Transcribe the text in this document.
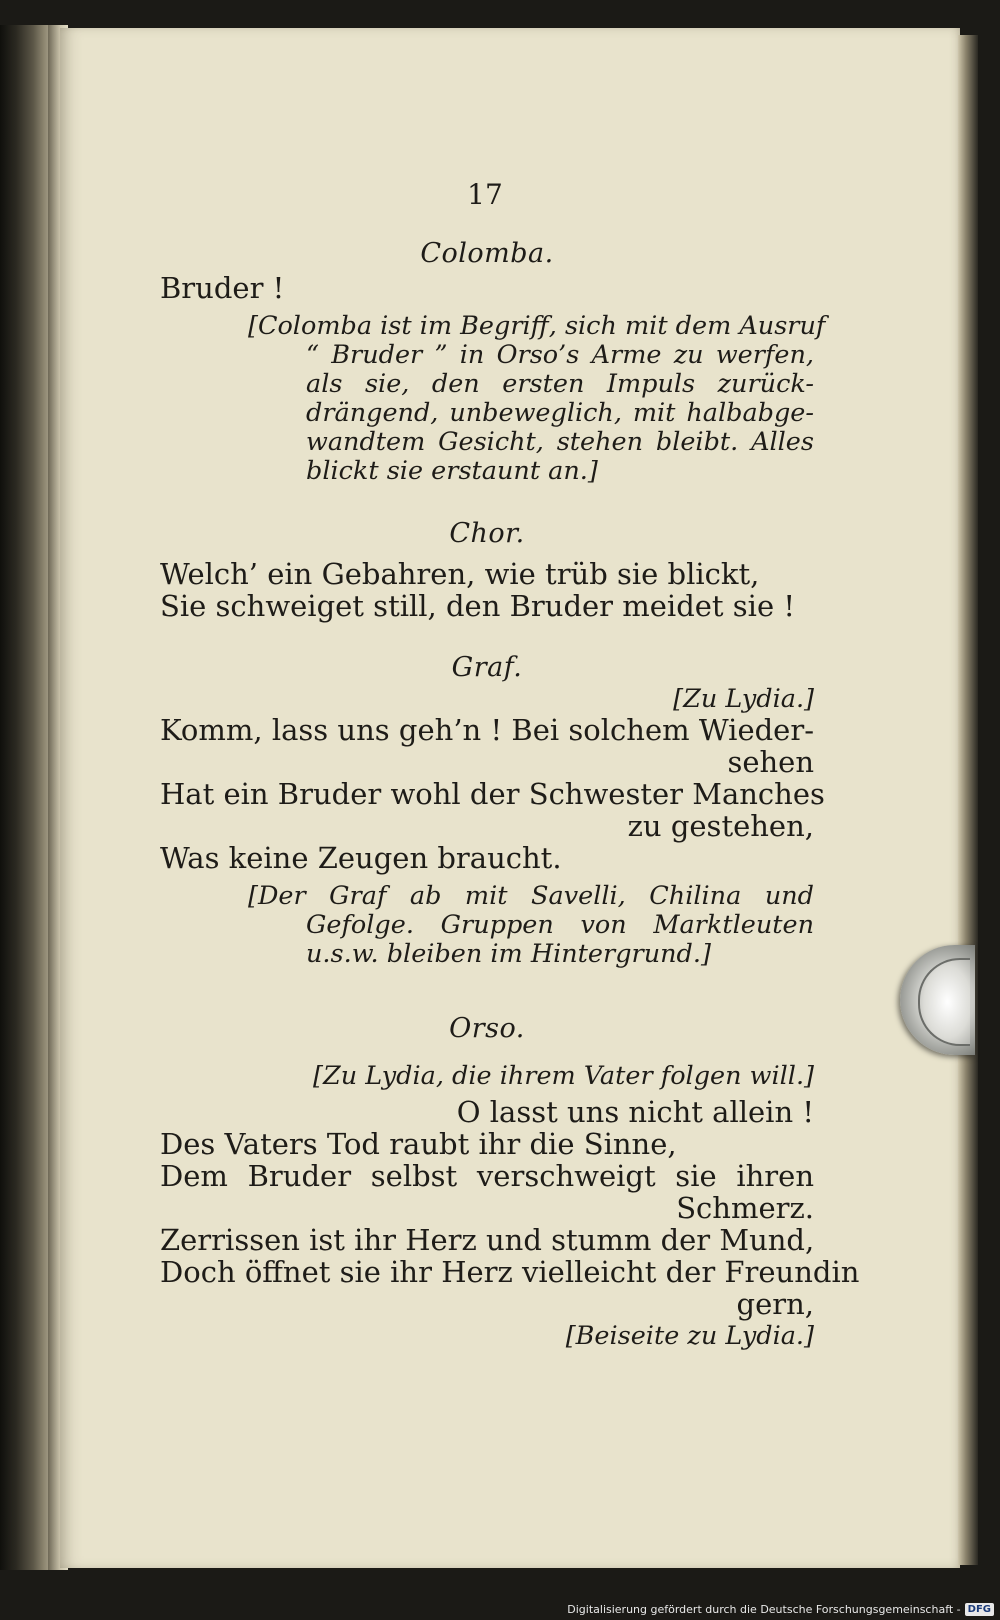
17
Colomba.
Bruder !
[Colomba ist im Begriff, sich mit dem Ausruf
“ Bruder ” in Orso’s Arme zu werfen,
als sie, den ersten Impuls zurück-
drängend, unbeweglich, mit halbabge-
wandtem Gesicht, stehen bleibt. Alles
blickt sie erstaunt an.]
Chor.
Welch’ ein Gebahren, wie trüb sie blickt,
Sie schweiget still, den Bruder meidet sie !
Graf.
[Zu Lydia.]
Komm, lass uns geh’n ! Bei solchem Wieder-
sehen
Hat ein Bruder wohl der Schwester Manches
zu gestehen,
Was keine Zeugen braucht.
[Der Graf ab mit Savelli, Chilina und
Gefolge. Gruppen von Marktleuten
u.s.w. bleiben im Hintergrund.]
Orso.
[Zu Lydia, die ihrem Vater folgen will.]
O lasst uns nicht allein !
Des Vaters Tod raubt ihr die Sinne,
Dem Bruder selbst verschweigt sie ihren
Schmerz.
Zerrissen ist ihr Herz und stumm der Mund,
Doch öffnet sie ihr Herz vielleicht der Freundin
gern,
[Beiseite zu Lydia.]
Digitalisierung gefördert durch die Deutsche Forschungsgemeinschaft - DFG
